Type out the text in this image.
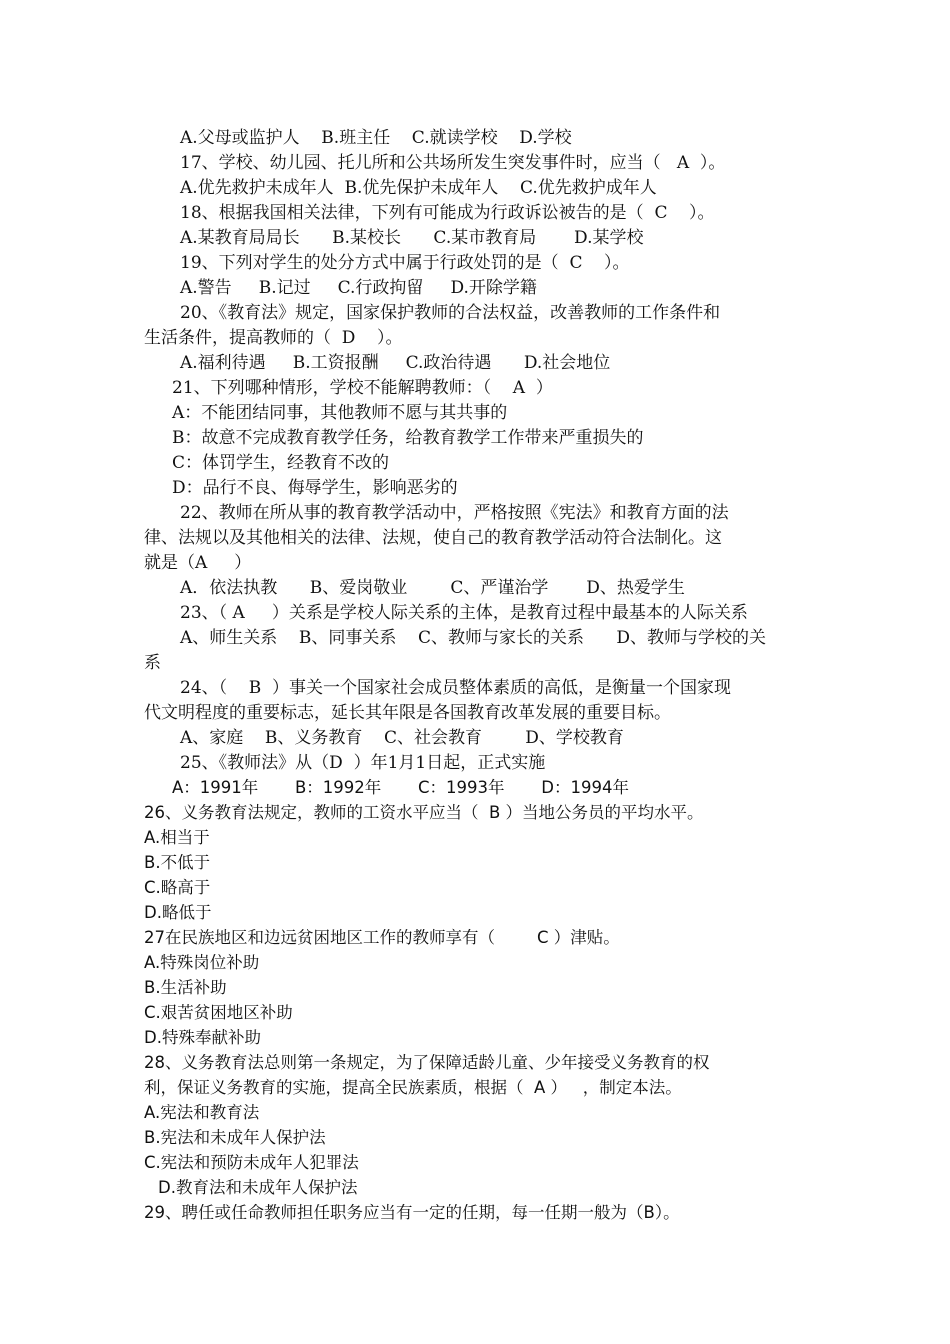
A.父母或监护人    B.班主任    C.就读学校    D.学校
17、学校、幼儿园、托儿所和公共场所发生突发事件时，应当（   A  ）。
A.优先救护未成年人  B.优先保护未成年人    C.优先救护成年人
18、根据我国相关法律，下列有可能成为行政诉讼被告的是（  C    ）。
A.某教育局局长      B.某校长      C.某市教育局       D.某学校
19、下列对学生的处分方式中属于行政处罚的是（  C    ）。
A.警告     B.记过     C.行政拘留     D.开除学籍
20、《教育法》规定，国家保护教师的合法权益，改善教师的工作条件和
生活条件，提高教师的（  D    ）。
A.福利待遇     B.工资报酬     C.政治待遇      D.社会地位
21、下列哪种情形，学校不能解聘教师：（    A  ）
A：不能团结同事，其他教师不愿与其共事的
B：故意不完成教育教学任务，给教育教学工作带来严重损失的
C：体罚学生，经教育不改的
D：品行不良、侮辱学生，影响恶劣的
22、教师在所从事的教育教学活动中，严格按照《宪法》和教育方面的法
律、法规以及其他相关的法律、法规，使自己的教育教学活动符合法制化。这
就是（A     ）
A．依法执教      B、爱岗敬业        C、严谨治学       D、热爱学生
23、（ A     ）关系是学校人际关系的主体，是教育过程中最基本的人际关系
A、师生关系    B、同事关系    C、教师与家长的关系      D、教师与学校的关
系
24、（    B  ）事关一个国家社会成员整体素质的高低，是衡量一个国家现
代文明程度的重要标志，延长其年限是各国教育改革发展的重要目标。
A、家庭    B、义务教育    C、社会教育        D、学校教育
25、《教师法》从（D  ）年1月1日起，正式实施
A：1991年       B：1992年       C：1993年       D：1994年
26、义务教育法规定，教师的工资水平应当（  B ）当地公务员的平均水平。
A.相当于
B.不低于
C.略高于
D.略低于
27在民族地区和边远贫困地区工作的教师享有（        C ）津贴。
A.特殊岗位补助
B.生活补助
C.艰苦贫困地区补助
D.特殊奉献补助
28、义务教育法总则第一条规定，为了保障适龄儿童、少年接受义务教育的权
利，保证义务教育的实施，提高全民族素质，根据（  A ）   ，制定本法。
A.宪法和教育法
B.宪法和未成年人保护法
C.宪法和预防未成年人犯罪法
D.教育法和未成年人保护法
29、聘任或任命教师担任职务应当有一定的任期，每一任期一般为（B）。
